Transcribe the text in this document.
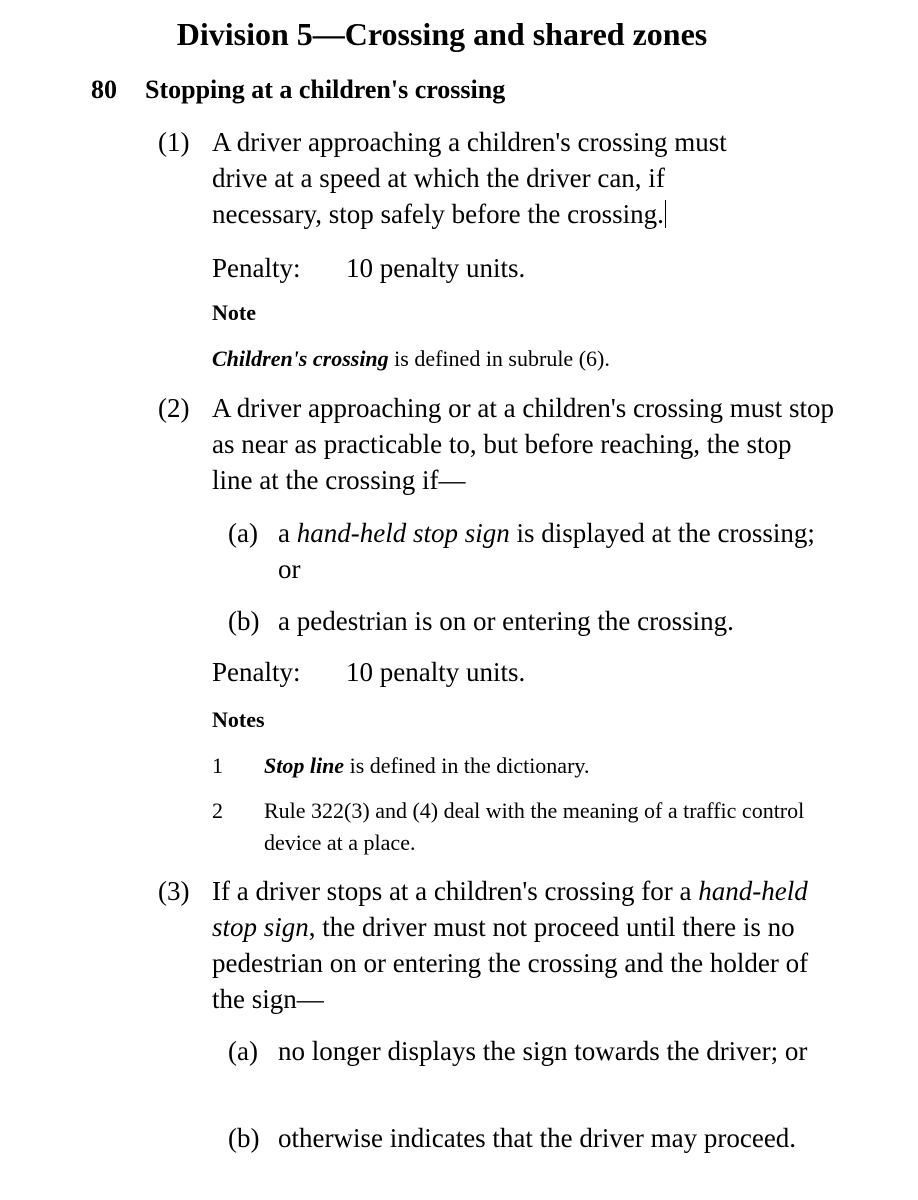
Division 5—Crossing and shared zones
80 Stopping at a children's crossing
(1) A driver approaching a children's crossing must drive at a speed at which the driver can, if necessary, stop safely before the crossing.
Penalty: 10 penalty units.
Note
Children's crossing is defined in subrule (6).
(2) A driver approaching or at a children's crossing must stop as near as practicable to, but before reaching, the stop line at the crossing if—
(a) a hand-held stop sign is displayed at the crossing; or
(b) a pedestrian is on or entering the crossing.
Penalty: 10 penalty units.
Notes
1 Stop line is defined in the dictionary.
2 Rule 322(3) and (4) deal with the meaning of a traffic control device at a place.
(3) If a driver stops at a children's crossing for a hand-held stop sign, the driver must not proceed until there is no pedestrian on or entering the crossing and the holder of the sign—
(a) no longer displays the sign towards the driver; or
(b) otherwise indicates that the driver may proceed.
